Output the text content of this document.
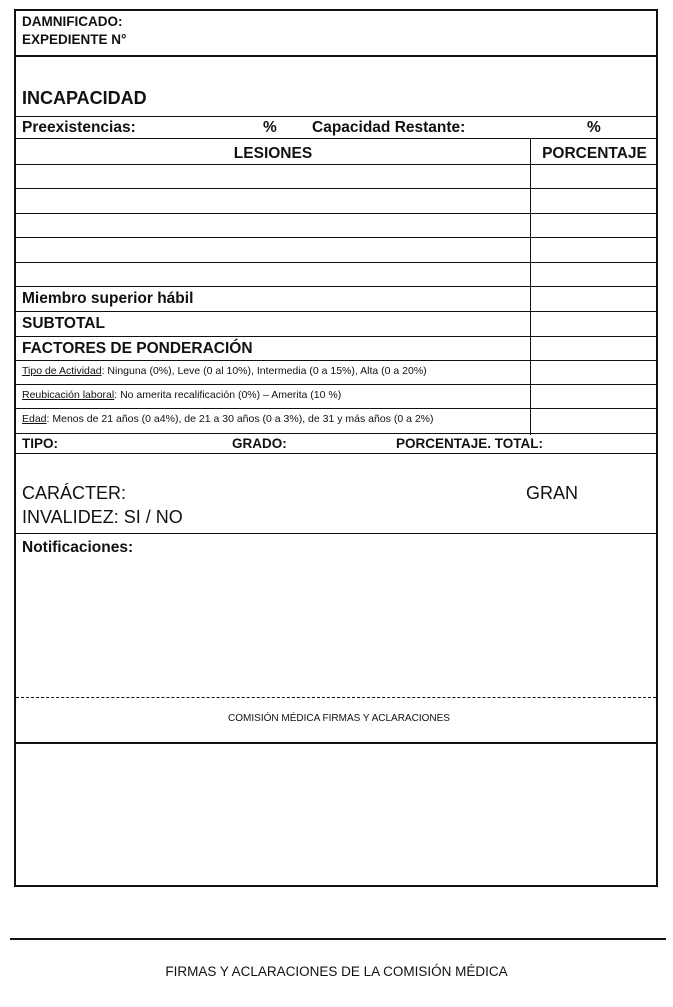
DAMNIFICADO:
EXPEDIENTE N°
INCAPACIDAD
Preexistencias:	% Capacidad Restante:	%
LESIONES	PORCENTAJE
Miembro superior hábil
SUBTOTAL
FACTORES DE PONDERACIÓN
Tipo de Actividad: Ninguna (0%), Leve (0 al 10%), Intermedia (0 a 15%), Alta (0 a 20%)
Reubicación laboral: No amerita recalificación (0%) – Amerita (10 %)
Edad: Menos de 21 años (0 a4%), de 21 a 30 años (0 a 3%), de 31 y más años (0 a 2%)
TIPO:	GRADO:	PORCENTAJE. TOTAL:
CARÁCTER:	GRAN
INVALIDEZ: SI / NO
Notificaciones:
COMISIÓN MÉDICA FIRMAS Y ACLARACIONES
FIRMAS Y ACLARACIONES DE LA COMISIÓN MÉDICA
